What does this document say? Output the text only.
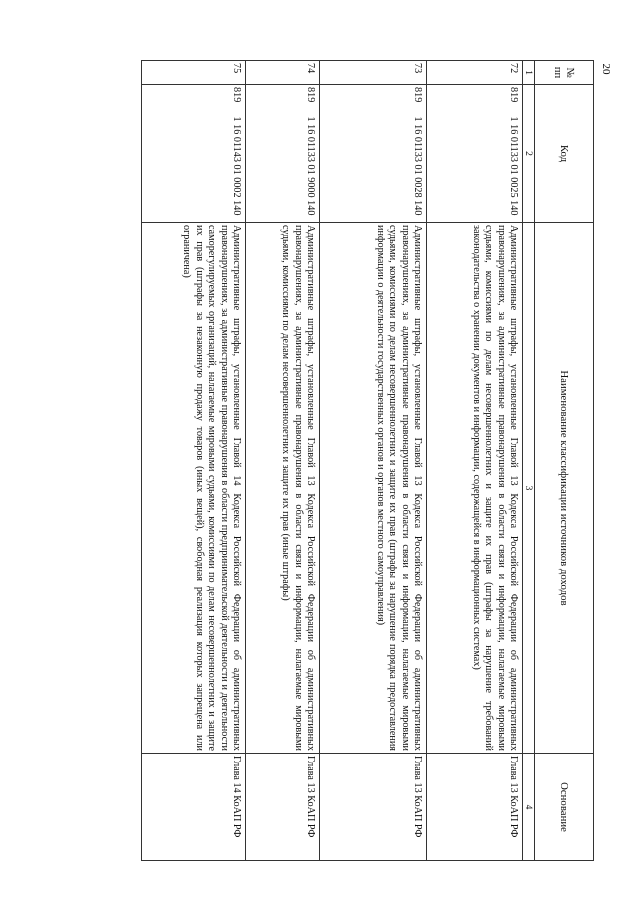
20
№ пп	Код		Наименование классификации источников доходов	Основание
1	2		3	4
72	819	1 16 01133 01 0025 140	Административные штрафы, установленные Главой 13 Кодекса Российской Федерации об административных правонарушениях, за административные правонарушения в области связи и информации, налагаемые мировыми судьями, комиссиями по делам несовершеннолетних и защите их прав (штрафы за нарушение требований законодательства о хранении документов и информации, содержащейся в информационных системах)	Глава 13 КоАП РФ
73	819	1 16 01133 01 0028 140	Административные штрафы, установленные Главой 13 Кодекса Российской Федерации об административных правонарушениях, за административные правонарушения в области связи и информации, налагаемые мировыми судьями, комиссиями по делам несовершеннолетних и защите их прав (штрафы за нарушение порядка предоставления информации о деятельности государственных органов и органов местного самоуправления)	Глава 13 КоАП РФ
74	819	1 16 01133 01 9000 140	Административные штрафы, установленные Главой 13 Кодекса Российской Федерации об административных правонарушениях, за административные правонарушения в области связи и информации, налагаемые мировыми судьями, комиссиями по делам несовершеннолетних и защите их прав (иные штрафы)	Глава 13 КоАП РФ
75	819	1 16 01143 01 0002 140	Административные штрафы, установленные Главой 14 Кодекса Российской Федерации об административных правонарушениях, за административные правонарушения в области предпринимательской деятельности и деятельности саморегулируемых организаций, налагаемые мировыми судьями, комиссиями по делам несовершеннолетних и защите их прав (штрафы за незаконную продажу товаров (иных вещей), свободная реализация которых запрещена или ограничена)	Глава 14 КоАП РФ
